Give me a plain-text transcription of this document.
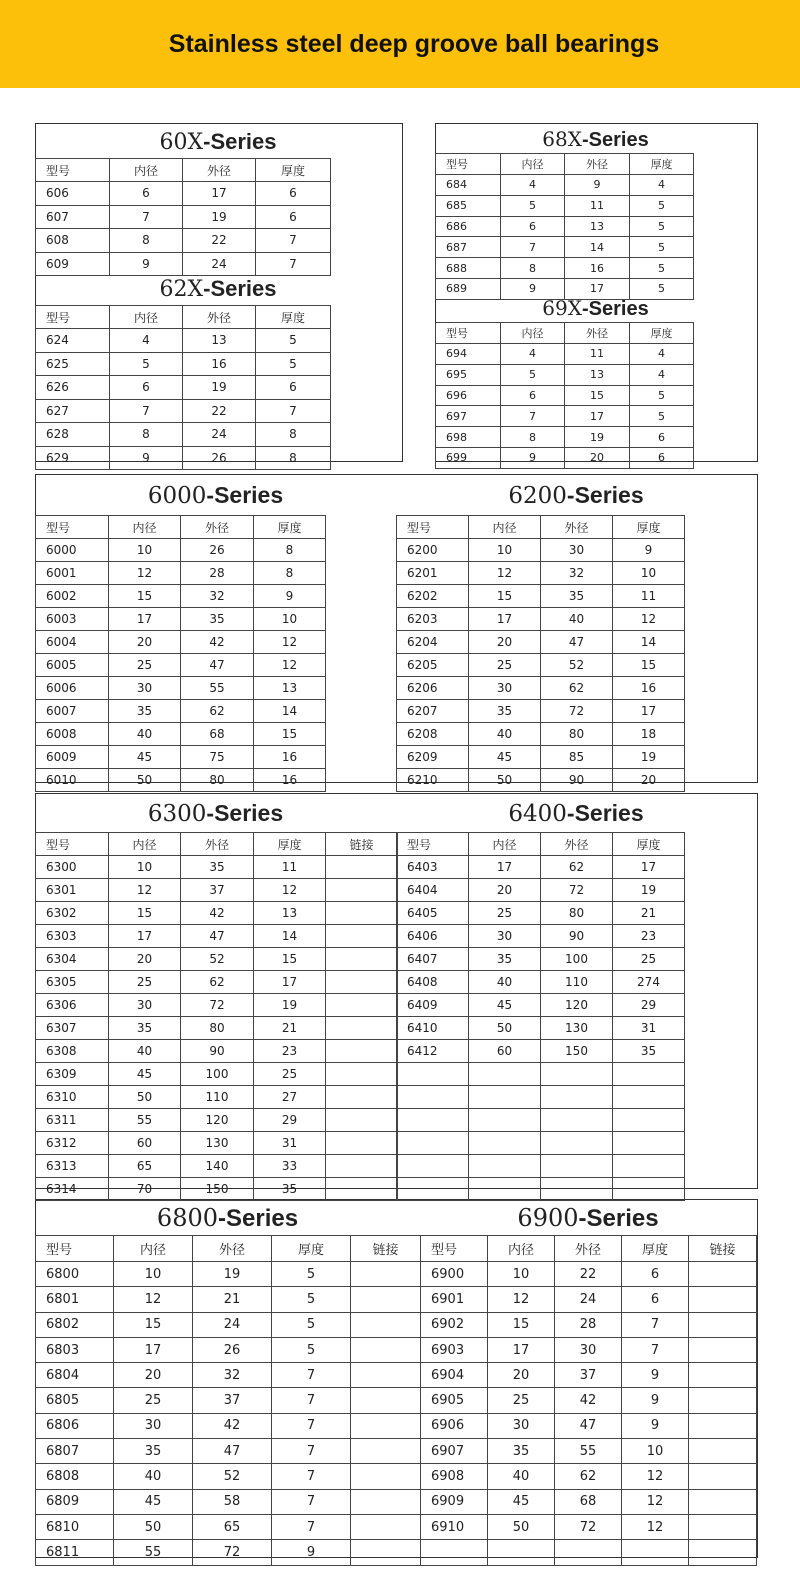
Stainless steel deep groove ball bearings
6000-Series
型号	内径	外径	厚度
6000	10	26	8
6001	12	28	8
6002	15	32	9
6003	17	35	10
6004	20	42	12
6005	25	47	12
6006	30	55	13
6007	35	62	14
6008	40	68	15
6009	45	75	16
6010	50	80	16
6200-Series
型号	内径	外径	厚度
6200	10	30	9
6201	12	32	10
6202	15	35	11
6203	17	40	12
6204	20	47	14
6205	25	52	15
6206	30	62	16
6207	35	72	17
6208	40	80	18
6209	45	85	19
6210	50	90	20
6300-Series
型号	内径	外径	厚度	链接
6300	10	35	11	
6301	12	37	12	
6302	15	42	13	
6303	17	47	14	
6304	20	52	15	
6305	25	62	17	
6306	30	72	19	
6307	35	80	21	
6308	40	90	23	
6309	45	100	25	
6310	50	110	27	
6311	55	120	29	
6312	60	130	31	
6313	65	140	33	
6314	70	150	35	
6400-Series
型号	内径	外径	厚度
6403	17	62	17
6404	20	72	19
6405	25	80	21
6406	30	90	23
6407	35	100	25
6408	40	110	274
6409	45	120	29
6410	50	130	31
6412	60	150	35

6800-Series
型号	内径	外径	厚度	链接
6800	10	19	5	
6801	12	21	5	
6802	15	24	5	
6803	17	26	5	
6804	20	32	7	
6805	25	37	7	
6806	30	42	7	
6807	35	47	7	
6808	40	52	7	
6809	45	58	7	
6810	50	65	7	
6811	55	72	9	
6900-Series
型号	内径	外径	厚度	链接
6900	10	22	6	
6901	12	24	6	
6902	15	28	7	
6903	17	30	7	
6904	20	37	9	
6905	25	42	9	
6906	30	47	9	
6907	35	55	10	
6908	40	62	12	
6909	45	68	12	
6910	50	72	12	

60X-Series
型号	内径	外径	厚度
606	6	17	6
607	7	19	6
608	8	22	7
609	9	24	7
62X-Series
型号	内径	外径	厚度
624	4	13	5
625	5	16	5
626	6	19	6
627	7	22	7
628	8	24	8
629	9	26	8
68X-Series
型号	内径	外径	厚度
684	4	9	4
685	5	11	5
686	6	13	5
687	7	14	5
688	8	16	5
689	9	17	5
69X-Series
型号	内径	外径	厚度
694	4	11	4
695	5	13	4
696	6	15	5
697	7	17	5
698	8	19	6
699	9	20	6
